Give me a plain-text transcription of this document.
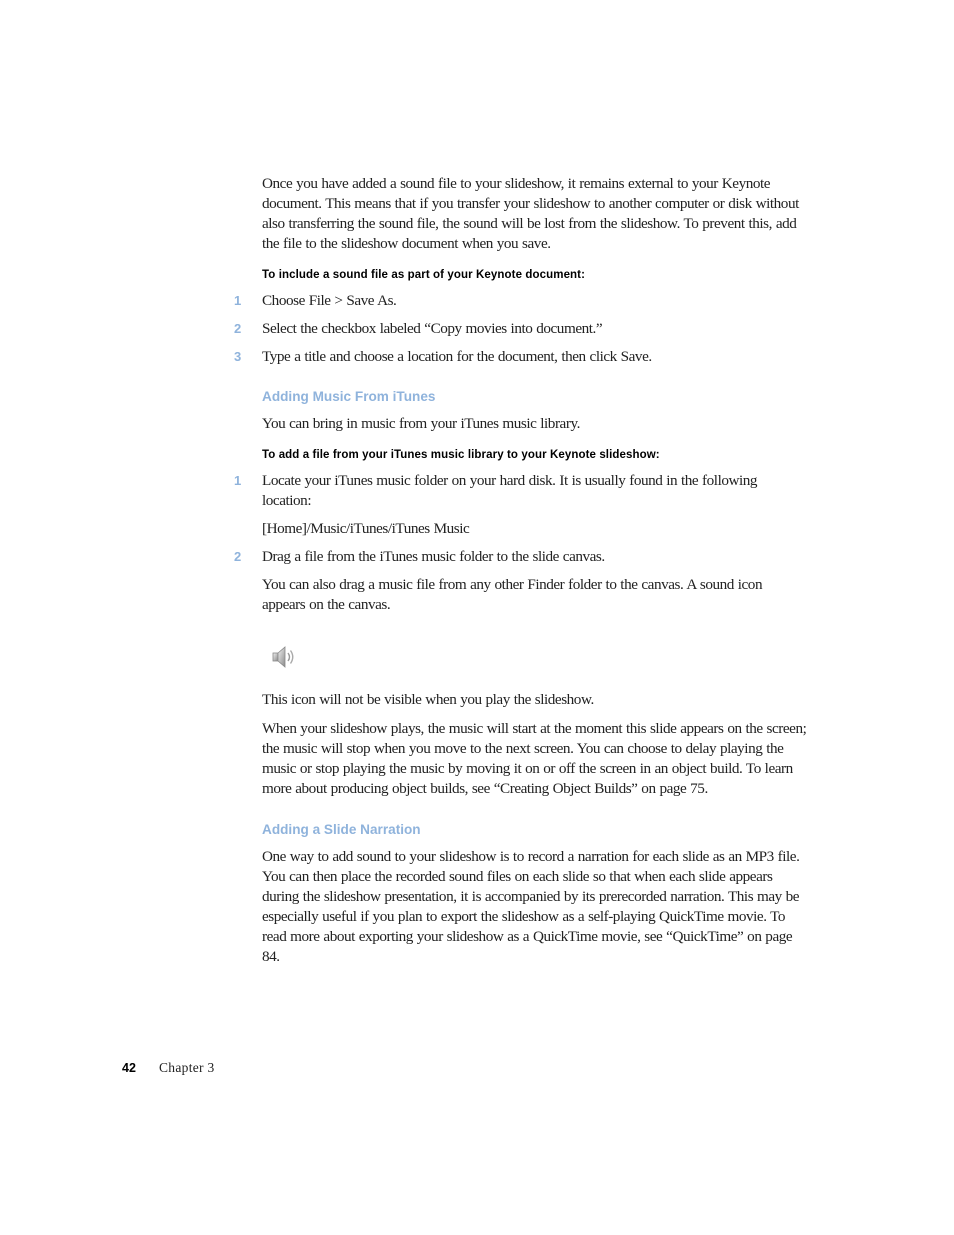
Once you have added a sound file to your slideshow, it remains external to your Keynote document. This means that if you transfer your slideshow to another computer or disk without also transferring the sound file, the sound will be lost from the slideshow. To prevent this, add the file to the slideshow document when you save.

To include a sound file as part of your Keynote document:

1 Choose File > Save As.

2 Select the checkbox labeled “Copy movies into document.”

3 Type a title and choose a location for the document, then click Save.

Adding Music From iTunes

You can bring in music from your iTunes music library.

To add a file from your iTunes music library to your Keynote slideshow:

1 Locate your iTunes music folder on your hard disk. It is usually found in the following location:

[Home]/Music/iTunes/iTunes Music

2 Drag a file from the iTunes music folder to the slide canvas.

You can also drag a music file from any other Finder folder to the canvas. A sound icon appears on the canvas.

This icon will not be visible when you play the slideshow.

When your slideshow plays, the music will start at the moment this slide appears on the screen; the music will stop when you move to the next screen. You can choose to delay playing the music or stop playing the music by moving it on or off the screen in an object build. To learn more about producing object builds, see “Creating Object Builds” on page 75.

Adding a Slide Narration

One way to add sound to your slideshow is to record a narration for each slide as an MP3 file. You can then place the recorded sound files on each slide so that when each slide appears during the slideshow presentation, it is accompanied by its prerecorded narration. This may be especially useful if you plan to export the slideshow as a self-playing QuickTime movie. To read more about exporting your slideshow as a QuickTime movie, see “QuickTime” on page 84.

42 Chapter 3
